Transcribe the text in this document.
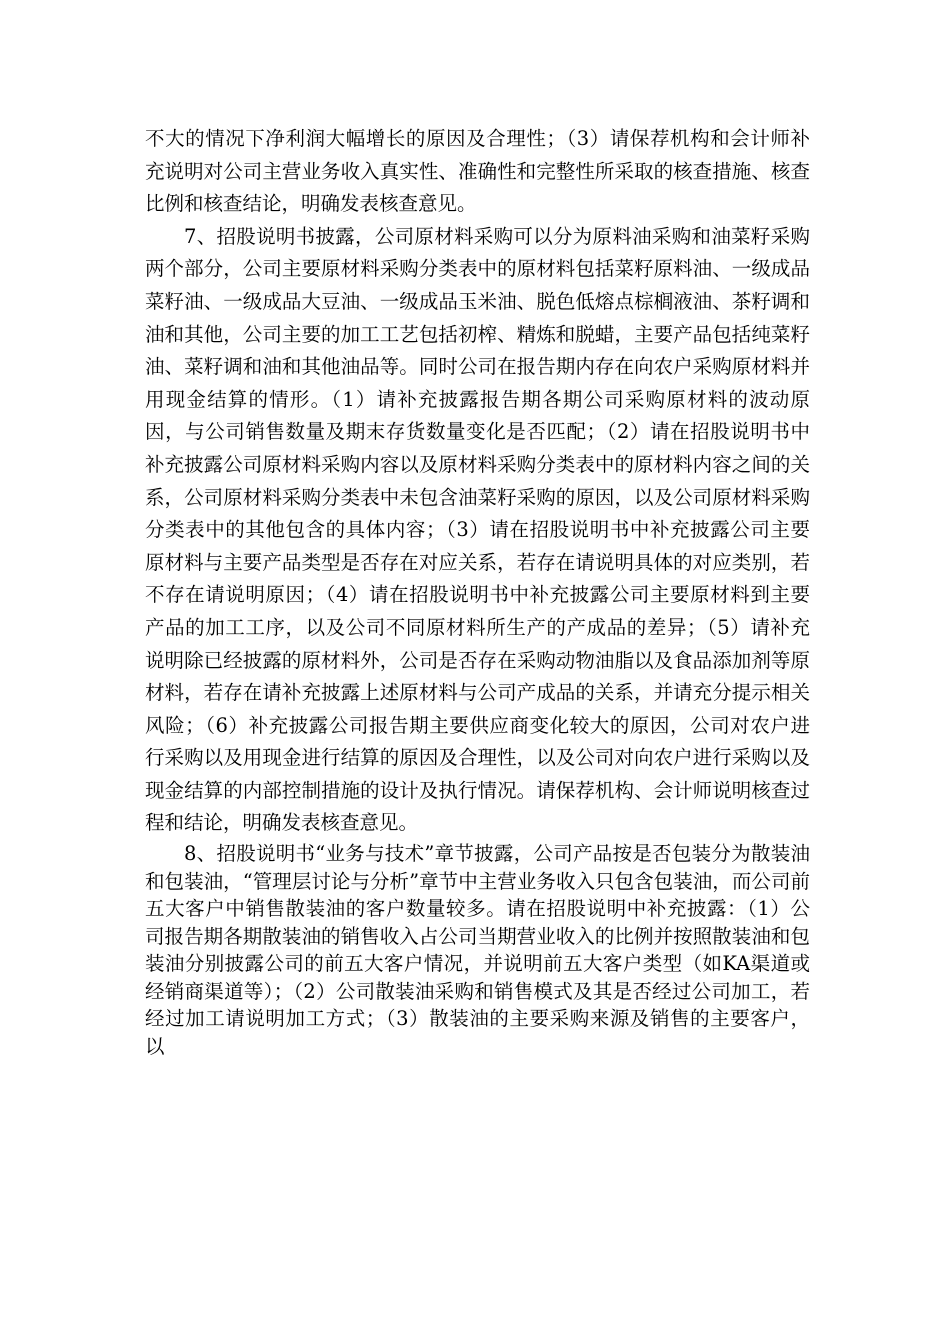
不大的情况下净利润大幅增长的原因及合理性；（3）请保荐机构和会计师补充说明对公司主营业务收入真实性、准确性和完整性所采取的核查措施、核查比例和核查结论，明确发表核查意见。

7、招股说明书披露，公司原材料采购可以分为原料油采购和油菜籽采购两个部分，公司主要原材料采购分类表中的原材料包括菜籽原料油、一级成品菜籽油、一级成品大豆油、一级成品玉米油、脱色低熔点棕榈液油、茶籽调和油和其他，公司主要的加工工艺包括初榨、精炼和脱蜡，主要产品包括纯菜籽油、菜籽调和油和其他油品等。同时公司在报告期内存在向农户采购原材料并用现金结算的情形。（1）请补充披露报告期各期公司采购原材料的波动原因，与公司销售数量及期末存货数量变化是否匹配；（2）请在招股说明书中补充披露公司原材料采购内容以及原材料采购分类表中的原材料内容之间的关系，公司原材料采购分类表中未包含油菜籽采购的原因，以及公司原材料采购分类表中的其他包含的具体内容；（3）请在招股说明书中补充披露公司主要原材料与主要产品类型是否存在对应关系，若存在请说明具体的对应类别，若不存在请说明原因；（4）请在招股说明书中补充披露公司主要原材料到主要产品的加工工序，以及公司不同原材料所生产的产成品的差异；（5）请补充说明除已经披露的原材料外，公司是否存在采购动物油脂以及食品添加剂等原材料，若存在请补充披露上述原材料与公司产成品的关系，并请充分提示相关风险；（6）补充披露公司报告期主要供应商变化较大的原因，公司对农户进行采购以及用现金进行结算的原因及合理性，以及公司对向农户进行采购以及现金结算的内部控制措施的设计及执行情况。请保荐机构、会计师说明核查过程和结论，明确发表核查意见。

8、招股说明书“业务与技术”章节披露，公司产品按是否包装分为散装油和包装油，“管理层讨论与分析”章节中主营业务收入只包含包装油，而公司前五大客户中销售散装油的客户数量较多。请在招股说明中补充披露：（1）公司报告期各期散装油的销售收入占公司当期营业收入的比例并按照散装油和包装油分别披露公司的前五大客户情况，并说明前五大客户类型（如KA渠道或经销商渠道等）；（2）公司散装油采购和销售模式及其是否经过公司加工，若经过加工请说明加工方式；（3）散装油的主要采购来源及销售的主要客户，以
